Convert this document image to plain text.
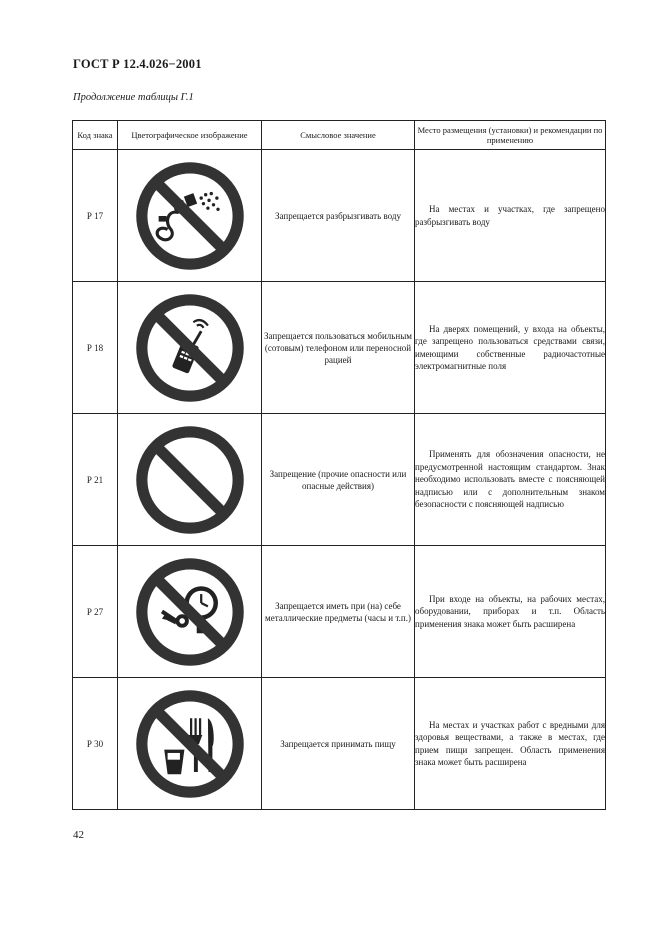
ГОСТ Р 12.4.026−2001
Продолжение таблицы Г.1
Код знака	Цветографическое изображение	Смысловое значение	Место размещения (установки) и рекомендации по применению
Р 17		Запрещается разбрызгивать воду	На местах и участках, где запрещено разбрызгивать воду
Р 18		Запрещается пользоваться мобильным (сотовым) телефоном или переносной рацией	На дверях помещений, у входа на объекты, где запрещено пользоваться средствами связи, имеющими собственные радиочастотные электромагнитные поля
Р 21		Запрещение (прочие опасности или опасные действия)	Применять для обозначения опасности, не предусмотренной настоящим стандартом. Знак необходимо использовать вместе с поясняющей надписью или с дополнительным знаком безопасности с поясняющей надписью
Р 27		Запрещается иметь при (на) себе металлические предметы (часы и т.п.)	При входе на объекты, на рабочих местах, оборудовании, приборах и т.п. Область применения знака может быть расширена
Р 30		Запрещается принимать пищу	На местах и участках работ с вредными для здоровья веществами, а также в местах, где прием пищи запрещен. Область применения знака может быть расширена
42
